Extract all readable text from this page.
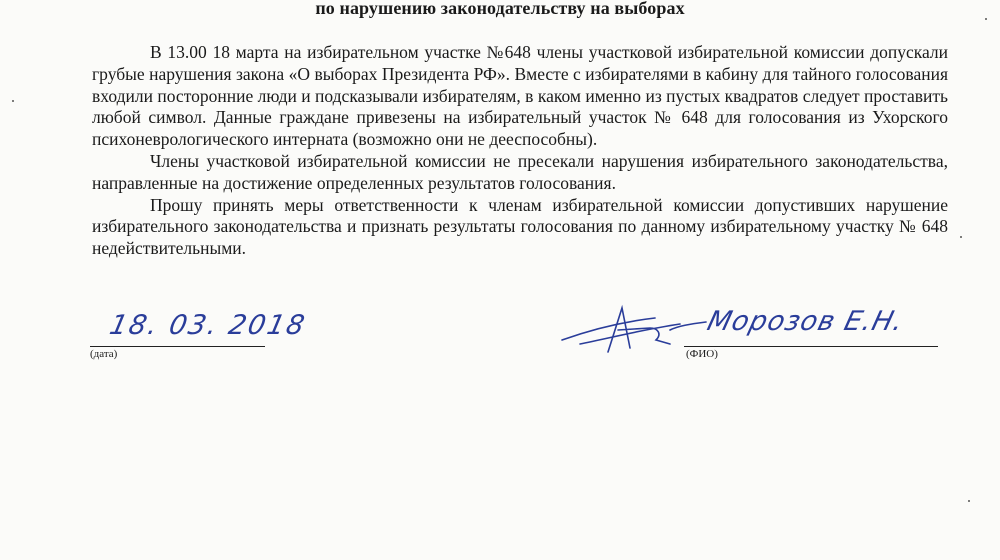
по нарушению законодательству на выборах

В 13.00 18 марта на избирательном участке №648 члены участковой избирательной комиссии допускали грубые нарушения закона «О выборах Президента РФ». Вместе с избирателями в кабину для тайного голосования входили посторонние люди и подсказывали избирателям, в каком именно из пустых квадратов следует проставить любой символ. Данные граждане привезены на избирательный участок № 648 для голосования из Ухорского психоневрологического интерната (возможно они не дееспособны).

Члены участковой избирательной комиссии не пресекали нарушения избирательного законодательства, направленные на достижение определенных результатов голосования.

Прошу принять меры ответственности к членам избирательной комиссии допустивших нарушение избирательного законодательства и признать результаты голосования по данному избирательному участку № 648 недействительными.

18. 03. 2018
(дата)
Морозов Е.Н.
(ФИО)
